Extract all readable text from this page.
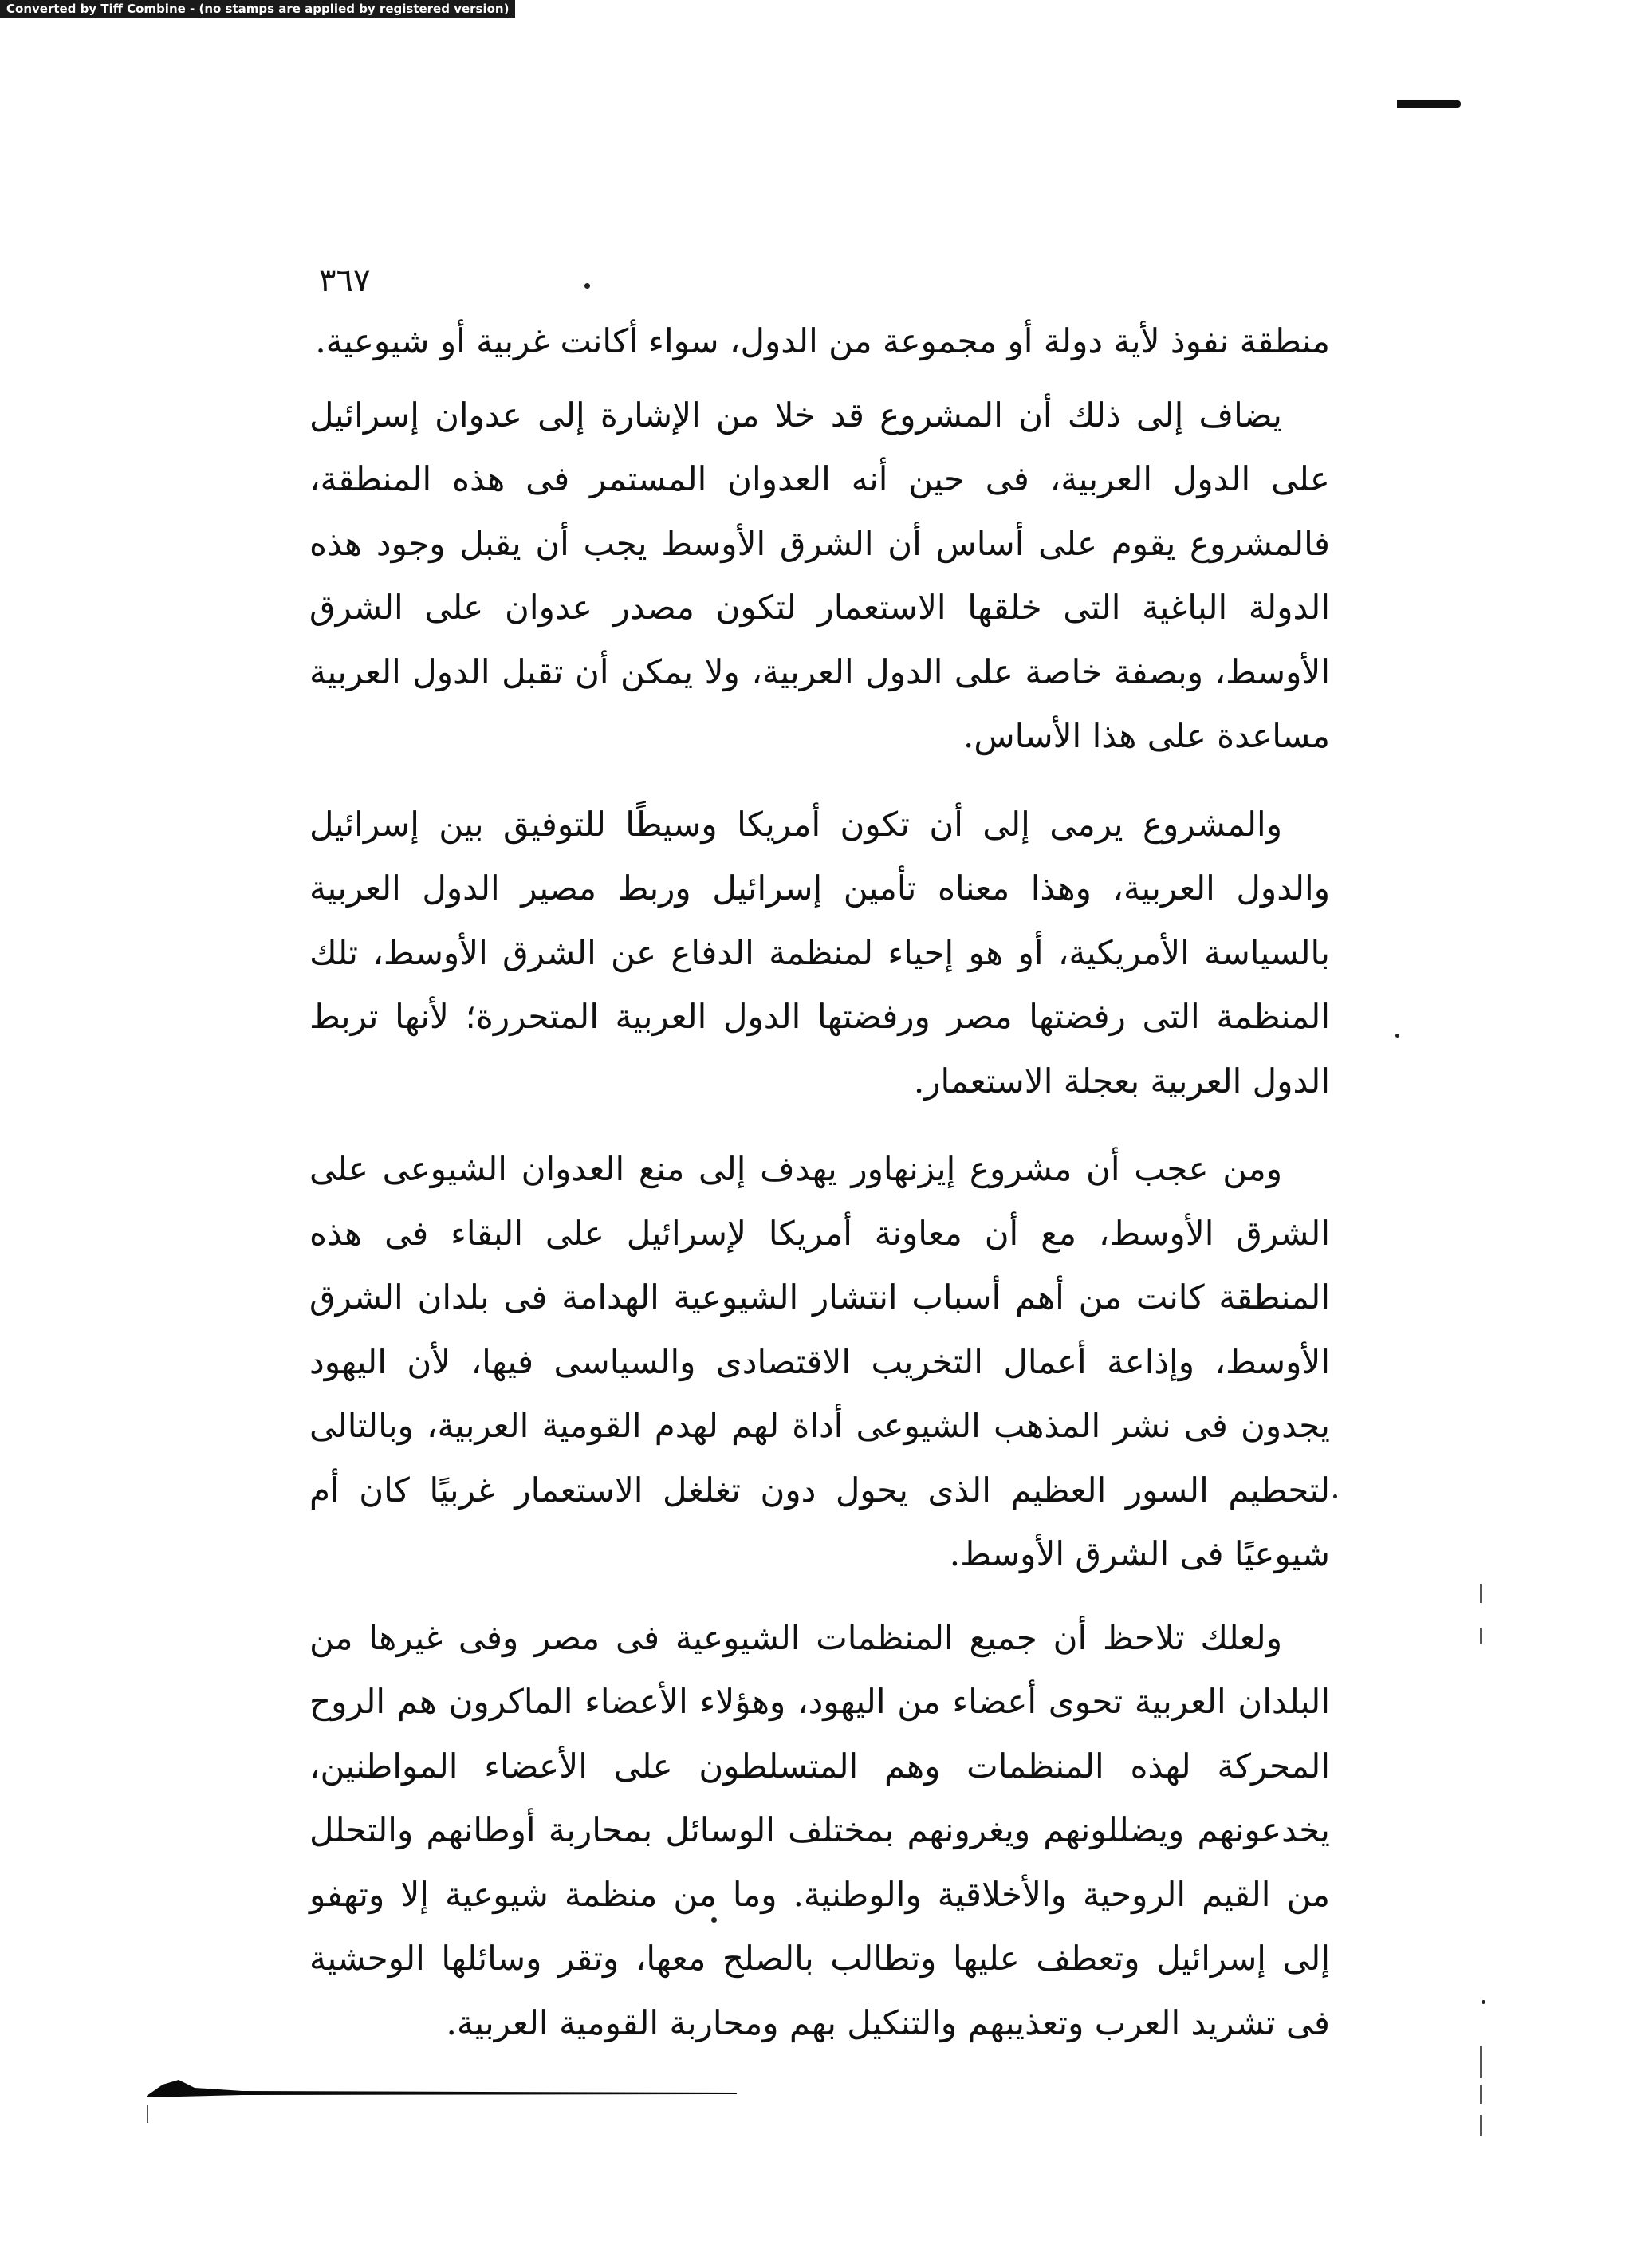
Converted by Tiff Combine - (no stamps are applied by registered version)
٣٦٧

منطقة نفوذ لأية دولة أو مجموعة من الدول، سواء أكانت غربية أو شيوعية.

يضاف إلى ذلك أن المشروع قد خلا من الإشارة إلى عدوان إسرائيل على الدول العربية، فى حين أنه العدوان المستمر فى هذه المنطقة، فالمشروع يقوم على أساس أن الشرق الأوسط يجب أن يقبل وجود هذه الدولة الباغية التى خلقها الاستعمار لتكون مصدر عدوان على الشرق الأوسط، وبصفة خاصة على الدول العربية، ولا يمكن أن تقبل الدول العربية مساعدة على هذا الأساس.

والمشروع يرمى إلى أن تكون أمريكا وسيطًا للتوفيق بين إسرائيل والدول العربية، وهذا معناه تأمين إسرائيل وربط مصير الدول العربية بالسياسة الأمريكية، أو هو إحياء لمنظمة الدفاع عن الشرق الأوسط، تلك المنظمة التى رفضتها مصر ورفضتها الدول العربية المتحررة؛ لأنها تربط الدول العربية بعجلة الاستعمار.

ومن عجب أن مشروع إيزنهاور يهدف إلى منع العدوان الشيوعى على الشرق الأوسط، مع أن معاونة أمريكا لإسرائيل على البقاء فى هذه المنطقة كانت من أهم أسباب انتشار الشيوعية الهدامة فى بلدان الشرق الأوسط، وإذاعة أعمال التخريب الاقتصادى والسياسى فيها، لأن اليهود يجدون فى نشر المذهب الشيوعى أداة لهم لهدم القومية العربية، وبالتالى لتحطيم السور العظيم الذى يحول دون تغلغل الاستعمار غربيًا كان أم شيوعيًا فى الشرق الأوسط.

ولعلك تلاحظ أن جميع المنظمات الشيوعية فى مصر وفى غيرها من البلدان العربية تحوى أعضاء من اليهود، وهؤلاء الأعضاء الماكرون هم الروح المحركة لهذه المنظمات وهم المتسلطون على الأعضاء المواطنين، يخدعونهم ويضللونهم ويغرونهم بمختلف الوسائل بمحاربة أوطانهم والتحلل من القيم الروحية والأخلاقية والوطنية. وما من منظمة شيوعية إلا وتهفو إلى إسرائيل وتعطف عليها وتطالب بالصلح معها، وتقر وسائلها الوحشية فى تشريد العرب وتعذيبهم والتنكيل بهم ومحاربة القومية العربية.
